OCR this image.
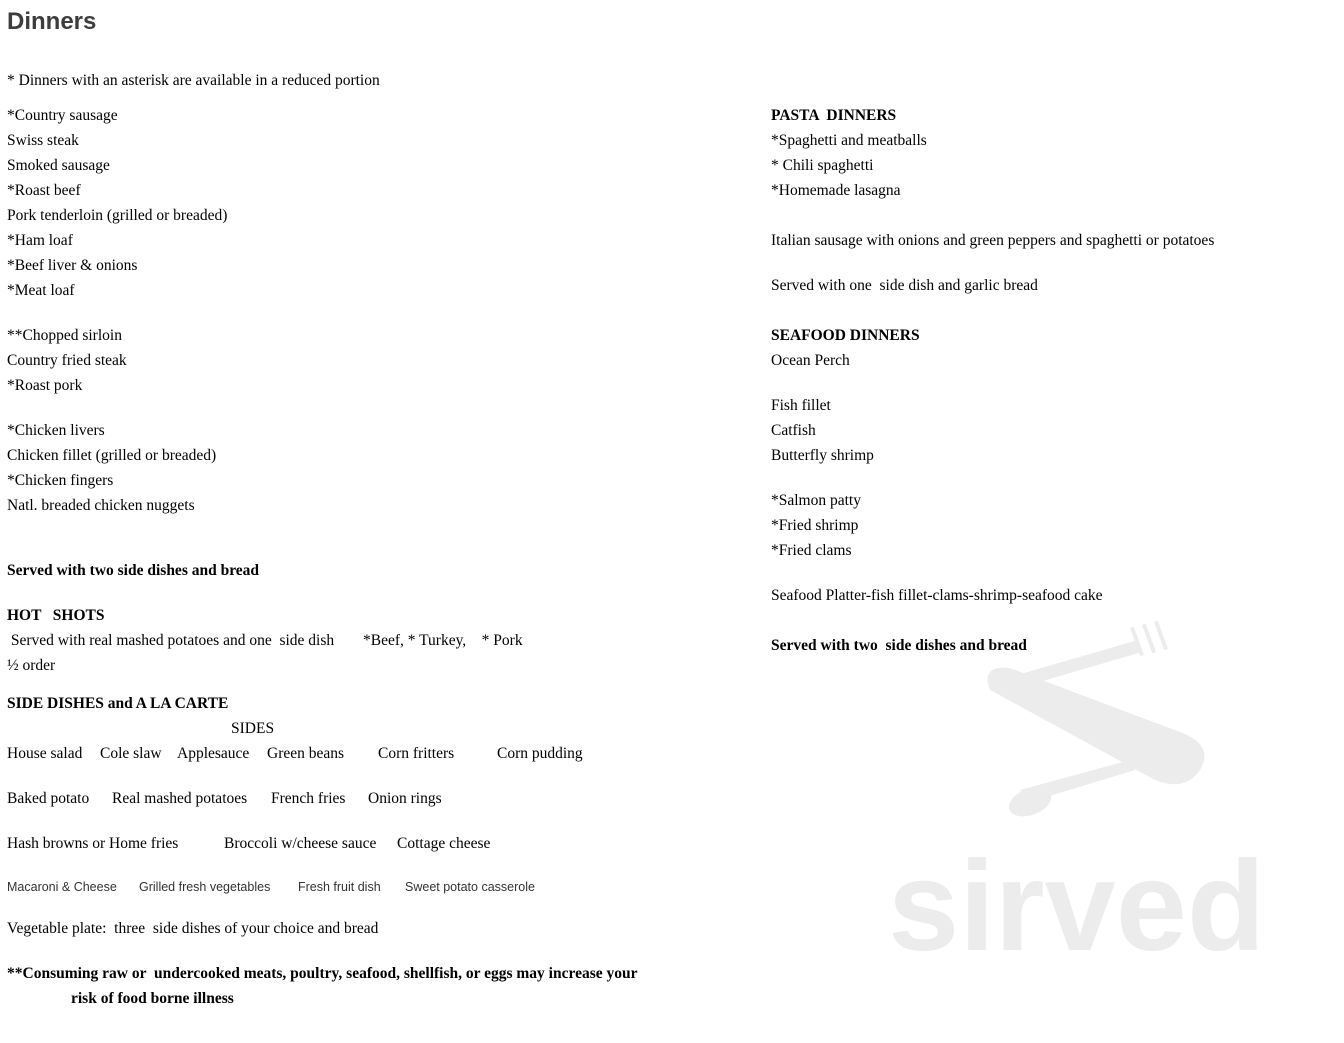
Dinners
* Dinners with an asterisk are available in a reduced portion
*Country sausage
Swiss steak
Smoked sausage
*Roast beef
Pork tenderloin (grilled or breaded)
*Ham loaf
*Beef liver & onions
*Meat loaf
**Chopped sirloin
Country fried steak
*Roast pork
*Chicken livers
Chicken fillet (grilled or breaded)
*Chicken fingers
Natl. breaded chicken nuggets
Served with two side dishes and bread
HOT   SHOTS
Served with real mashed potatoes and one  side dish *Beef, * Turkey,    * Pork
½ order
SIDE DISHES and A LA CARTE
SIDES
House salad Cole slaw Applesauce Green beans Corn fritters	Corn pudding
Baked potato Real mashed potatoes French fries Onion rings
Hash browns or Home fries	Broccoli w/cheese sauce Cottage cheese
Macaroni & Cheese Grilled fresh vegetables Fresh fruit dish Sweet potato casserole
Vegetable plate:  three  side dishes of your choice and bread
**Consuming raw or  undercooked meats, poultry, seafood, shellfish, or eggs may increase your
risk of food borne illness
PASTA  DINNERS
*Spaghetti and meatballs
* Chili spaghetti
*Homemade lasagna
Italian sausage with onions and green peppers and spaghetti or potatoes
Served with one  side dish and garlic bread
SEAFOOD DINNERS
Ocean Perch
Fish fillet
Catfish
Butterfly shrimp
*Salmon patty
*Fried shrimp
*Fried clams
Seafood Platter-fish fillet-clams-shrimp-seafood cake
Served with two  side dishes and bread
sirved
